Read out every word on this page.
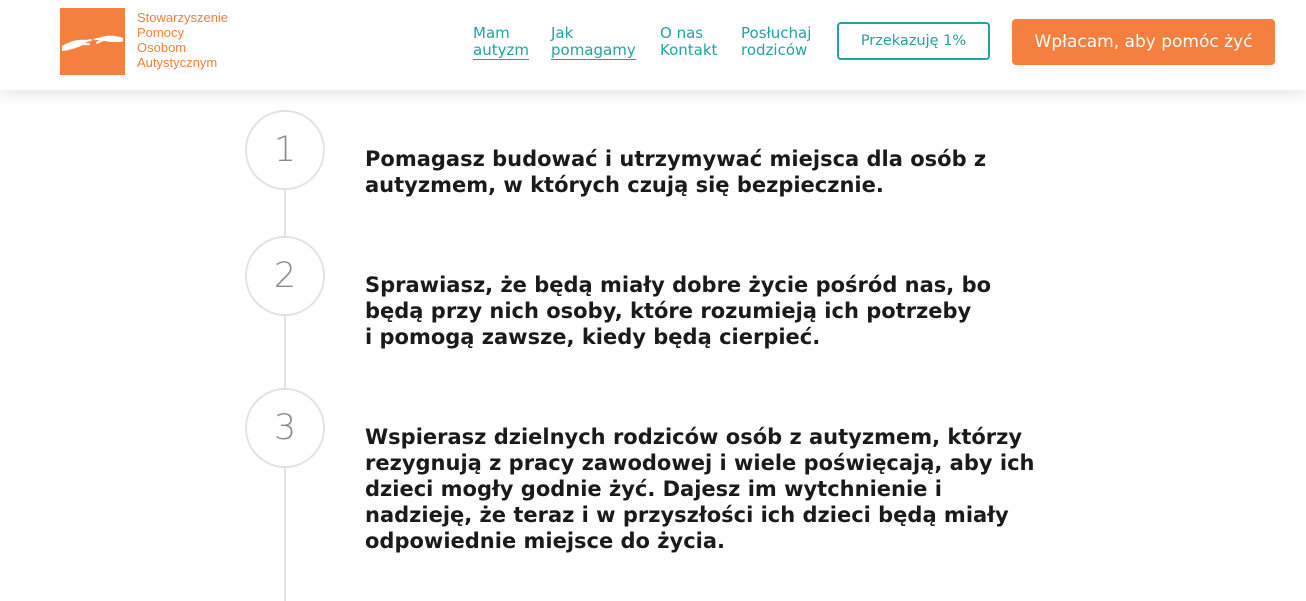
Stowarzyszenie
Pomocy
Osobom
Autystycznym
Mam
autyzm
Jak
pomagamy
O nas
Kontakt
Posłuchaj
rodziców	Przekazuję 1%	Wpłacam, aby pomóc żyć
1	Pomagasz budować i utrzymywać miejsca dla osób z
autyzmem, w których czują się bezpiecznie.
2	Sprawiasz, że będą miały dobre życie pośród nas, bo
będą przy nich osoby, które rozumieją ich potrzeby
i pomogą zawsze, kiedy będą cierpieć.
3	Wspierasz dzielnych rodziców osób z autyzmem, którzy
rezygnują z pracy zawodowej i wiele poświęcają, aby ich
dzieci mogły godnie żyć. Dajesz im wytchnienie i
nadzieję, że teraz i w przyszłości ich dzieci będą miały
odpowiednie miejsce do życia.
